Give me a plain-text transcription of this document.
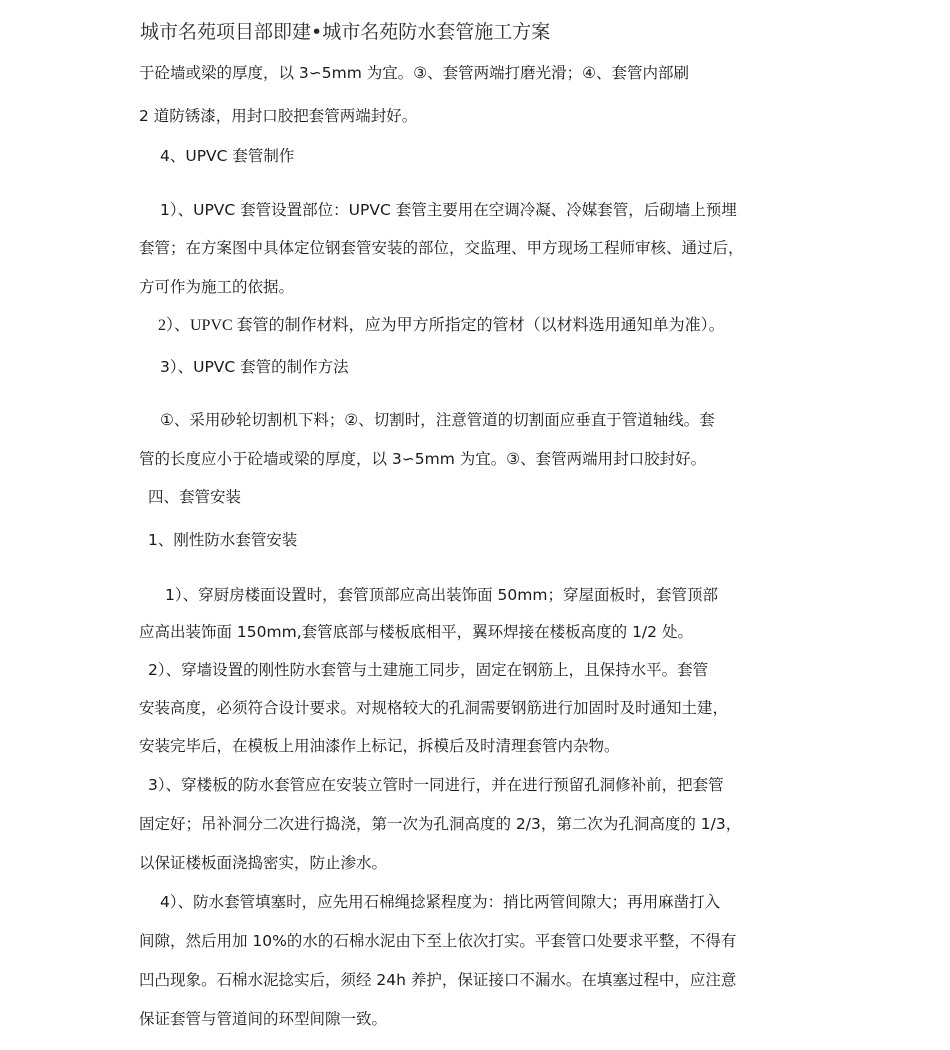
城市名苑项目部即建•城市名苑防水套管施工方案
于砼墙或梁的厚度，以 3∽5mm 为宜。③、套管两端打磨光滑；④、套管内部刷
2 道防锈漆，用封口胶把套管两端封好。
4、UPVC 套管制作
1）、UPVC 套管设置部位：UPVC 套管主要用在空调冷凝、冷媒套管，后砌墙上预埋
套管；在方案图中具体定位钢套管安装的部位，交监理、甲方现场工程师审核、通过后，
方可作为施工的依据。
2）、UPVC 套管的制作材料，应为甲方所指定的管材（以材料选用通知单为准）。
3）、UPVC 套管的制作方法
①、采用砂轮切割机下料；②、切割时，注意管道的切割面应垂直于管道轴线。套
管的长度应小于砼墙或梁的厚度，以 3∽5mm 为宜。③、套管两端用封口胶封好。
四、套管安装
1、刚性防水套管安装
1）、穿厨房楼面设置时，套管顶部应高出装饰面 50mm；穿屋面板时，套管顶部
应高出装饰面 150mm,套管底部与楼板底相平，翼环焊接在楼板高度的 1/2 处。
2）、穿墙设置的刚性防水套管与土建施工同步，固定在钢筋上，且保持水平。套管
安装高度，必须符合设计要求。对规格较大的孔洞需要钢筋进行加固时及时通知土建，
安装完毕后，在模板上用油漆作上标记，拆模后及时清理套管内杂物。
3）、穿楼板的防水套管应在安装立管时一同进行，并在进行预留孔洞修补前，把套管
固定好；吊补洞分二次进行捣浇，第一次为孔洞高度的 2/3，第二次为孔洞高度的 1/3，
以保证楼板面浇捣密实，防止渗水。
4）、防水套管填塞时，应先用石棉绳捻紧程度为：捎比两管间隙大；再用麻凿打入
间隙，然后用加 10%的水的石棉水泥由下至上依次打实。平套管口处要求平整，不得有
凹凸现象。石棉水泥捻实后，须经 24h 养护，保证接口不漏水。在填塞过程中，应注意
保证套管与管道间的环型间隙一致。
